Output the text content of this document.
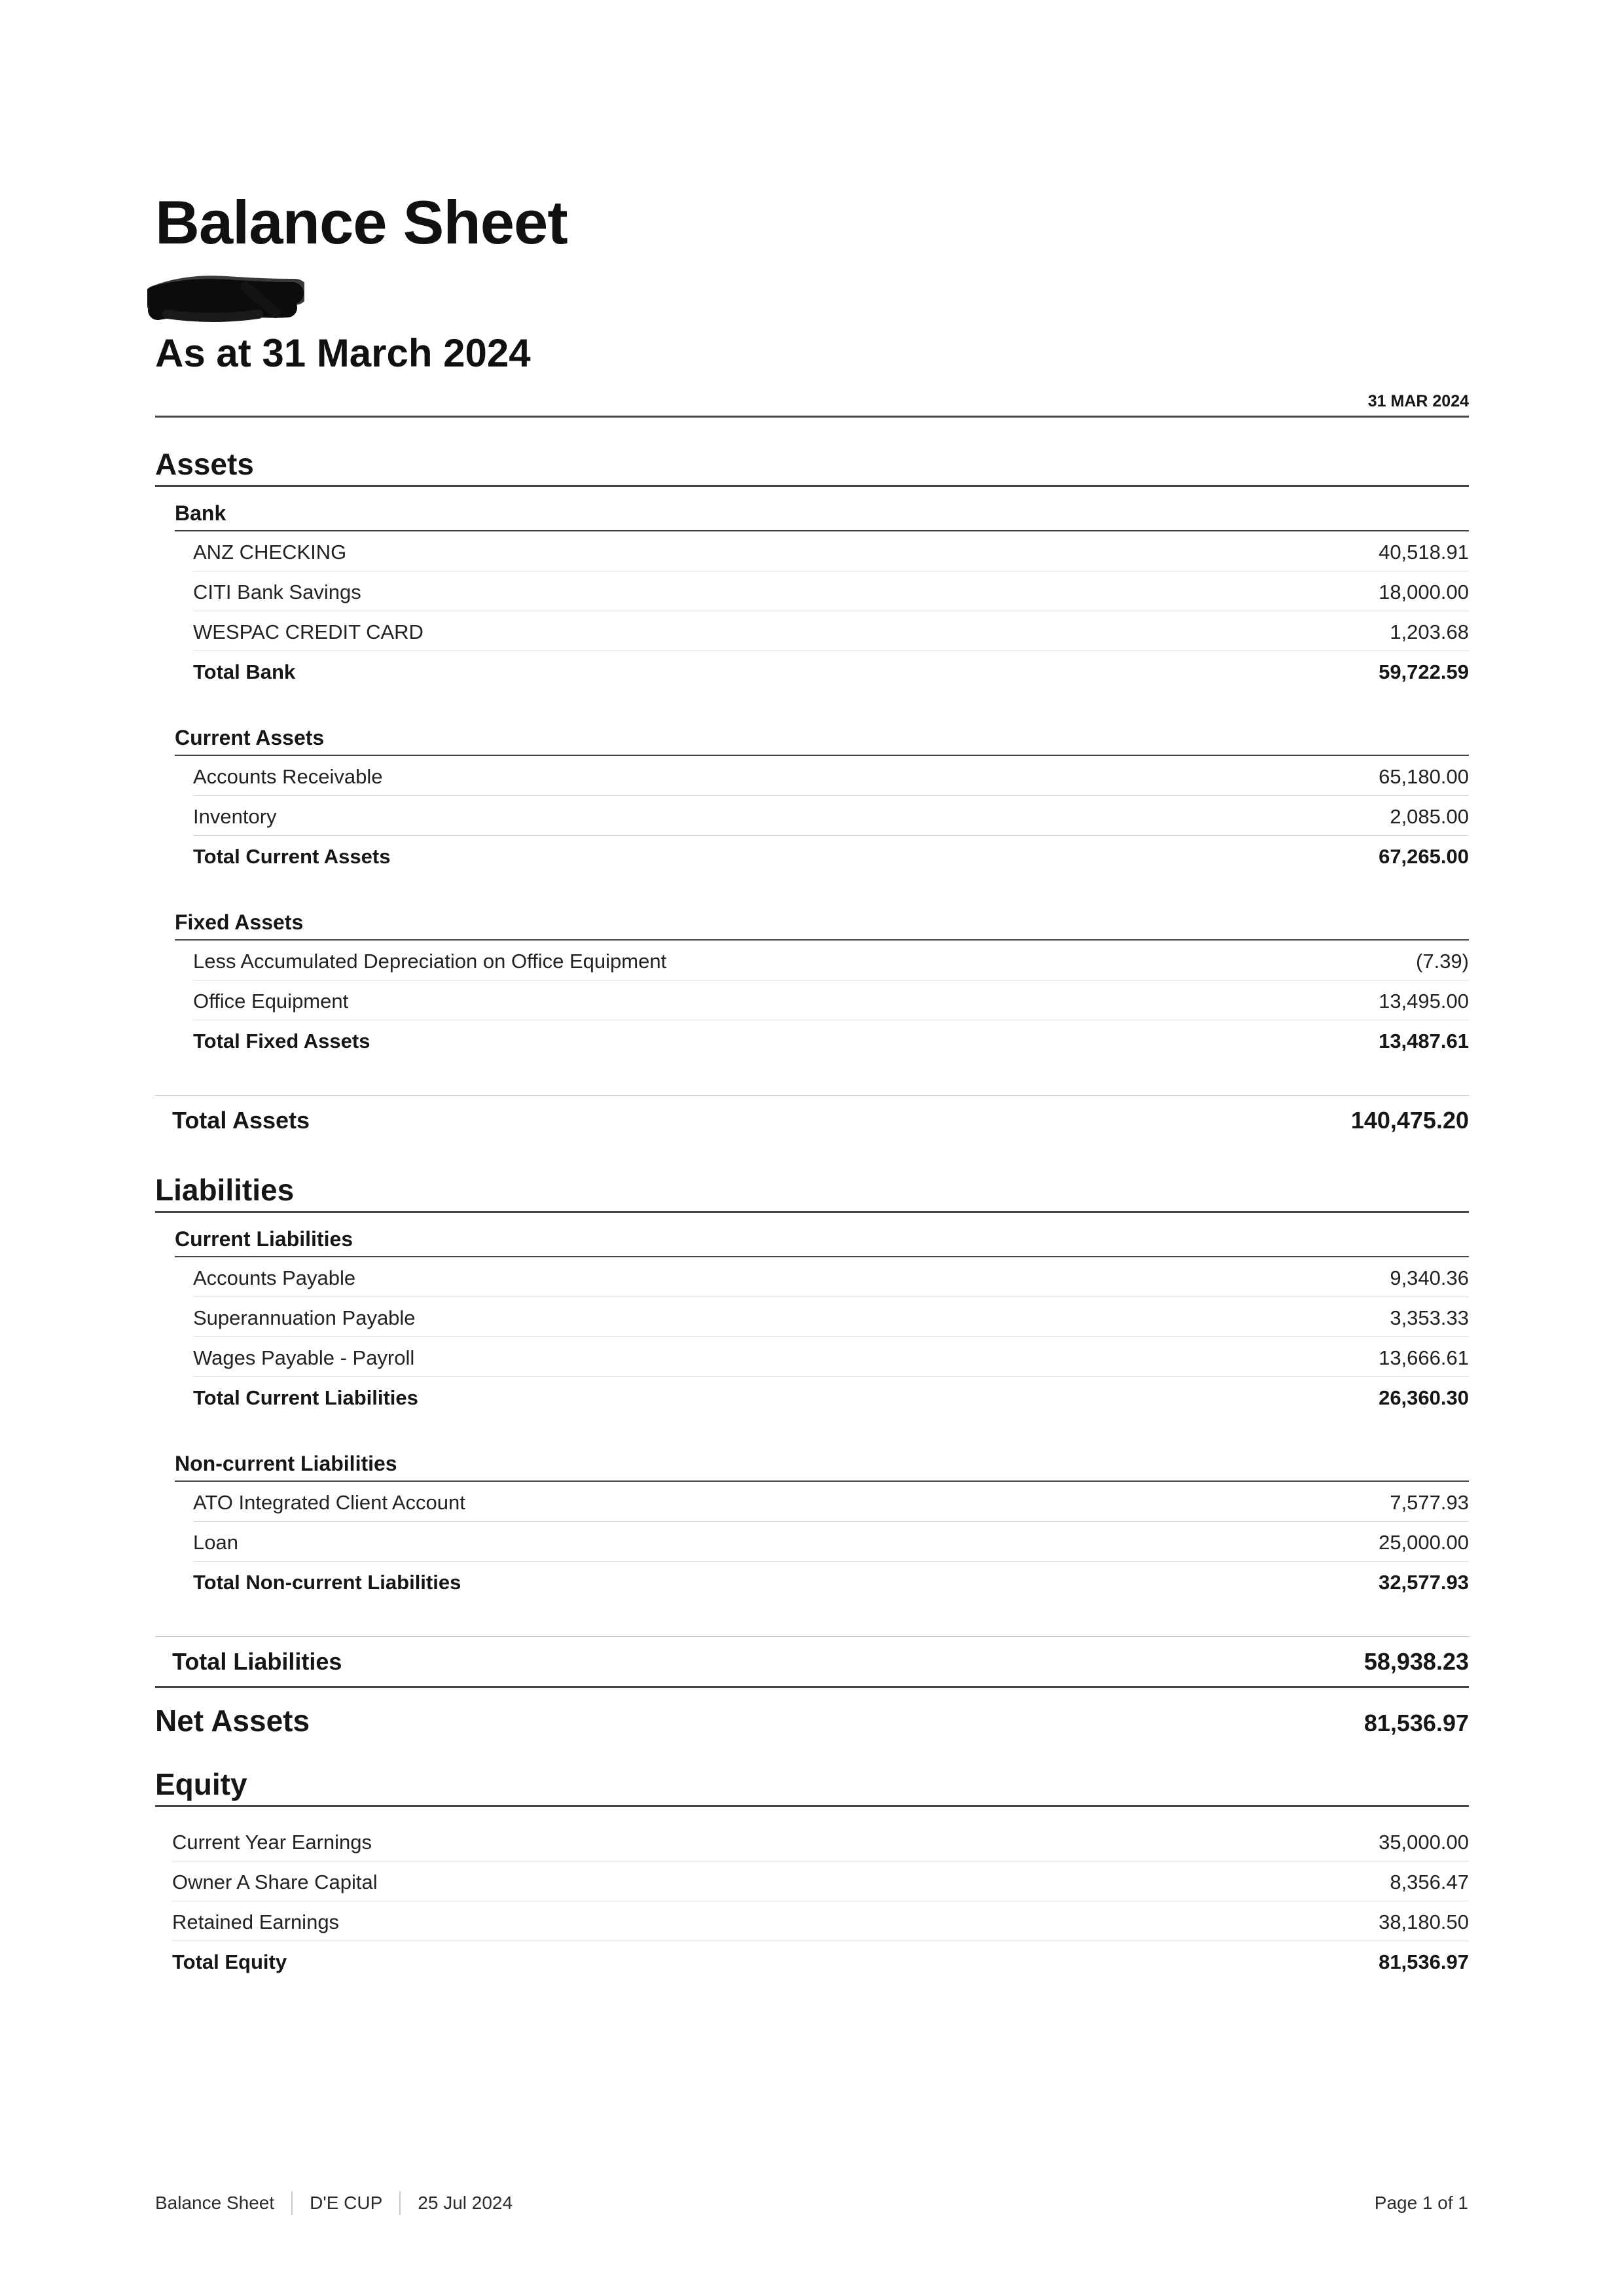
Balance Sheet
As at 31 March 2024
31 MAR 2024
Assets
Bank
ANZ CHECKING	40,518.91
CITI Bank Savings	18,000.00
WESPAC CREDIT CARD	1,203.68
Total Bank	59,722.59
Current Assets
Accounts Receivable	65,180.00
Inventory	2,085.00
Total Current Assets	67,265.00
Fixed Assets
Less Accumulated Depreciation on Office Equipment	(7.39)
Office Equipment	13,495.00
Total Fixed Assets	13,487.61
Total Assets	140,475.20
Liabilities
Current Liabilities
Accounts Payable	9,340.36
Superannuation Payable	3,353.33
Wages Payable - Payroll	13,666.61
Total Current Liabilities	26,360.30
Non-current Liabilities
ATO Integrated Client Account	7,577.93
Loan	25,000.00
Total Non-current Liabilities	32,577.93
Total Liabilities	58,938.23
Net Assets	81,536.97
Equity
Current Year Earnings	35,000.00
Owner A Share Capital	8,356.47
Retained Earnings	38,180.50
Total Equity	81,536.97
Balance Sheet D'E CUP 25 Jul 2024	Page 1 of 1
